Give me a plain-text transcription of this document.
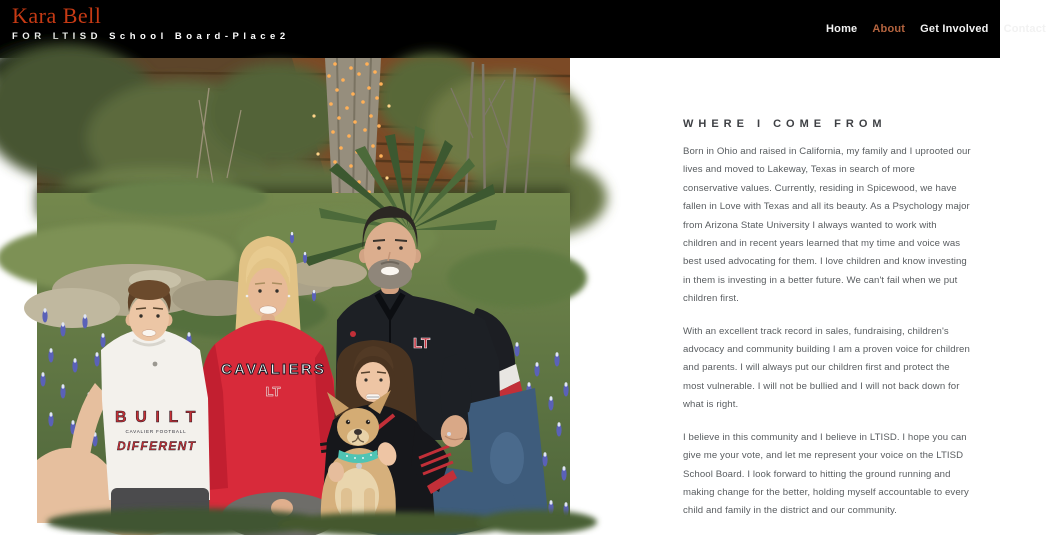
Kara Bell
FOR LTISD School Board-Place2
Home About Get Involved Contact
LT
CAVALIERS
LT
BUILT
CAVALIER FOOTBALL
DIFFERENT
WHERE I COME FROM

Born in Ohio and raised in California, my family and I uprooted our lives and moved to Lakeway, Texas in search of more conservative values. Currently, residing in Spicewood, we have fallen in Love with Texas and all its beauty. As a Psychology major from Arizona State University I always wanted to work with children and in recent years learned that my time and voice was best used advocating for them. I love children and know investing in them is investing in a better future. We can't fail when we put children first.

With an excellent track record in sales, fundraising, children's advocacy and community building I am a proven voice for children and parents. I will always put our children first and protect the most vulnerable. I will not be bullied and I will not back down for what is right.

I believe in this community and I believe in LTISD. I hope you can give me your vote, and let me represent your voice on the LTISD School Board. I look forward to hitting the ground running and making change for the better, holding myself accountable to every child and family in the district and our community.
